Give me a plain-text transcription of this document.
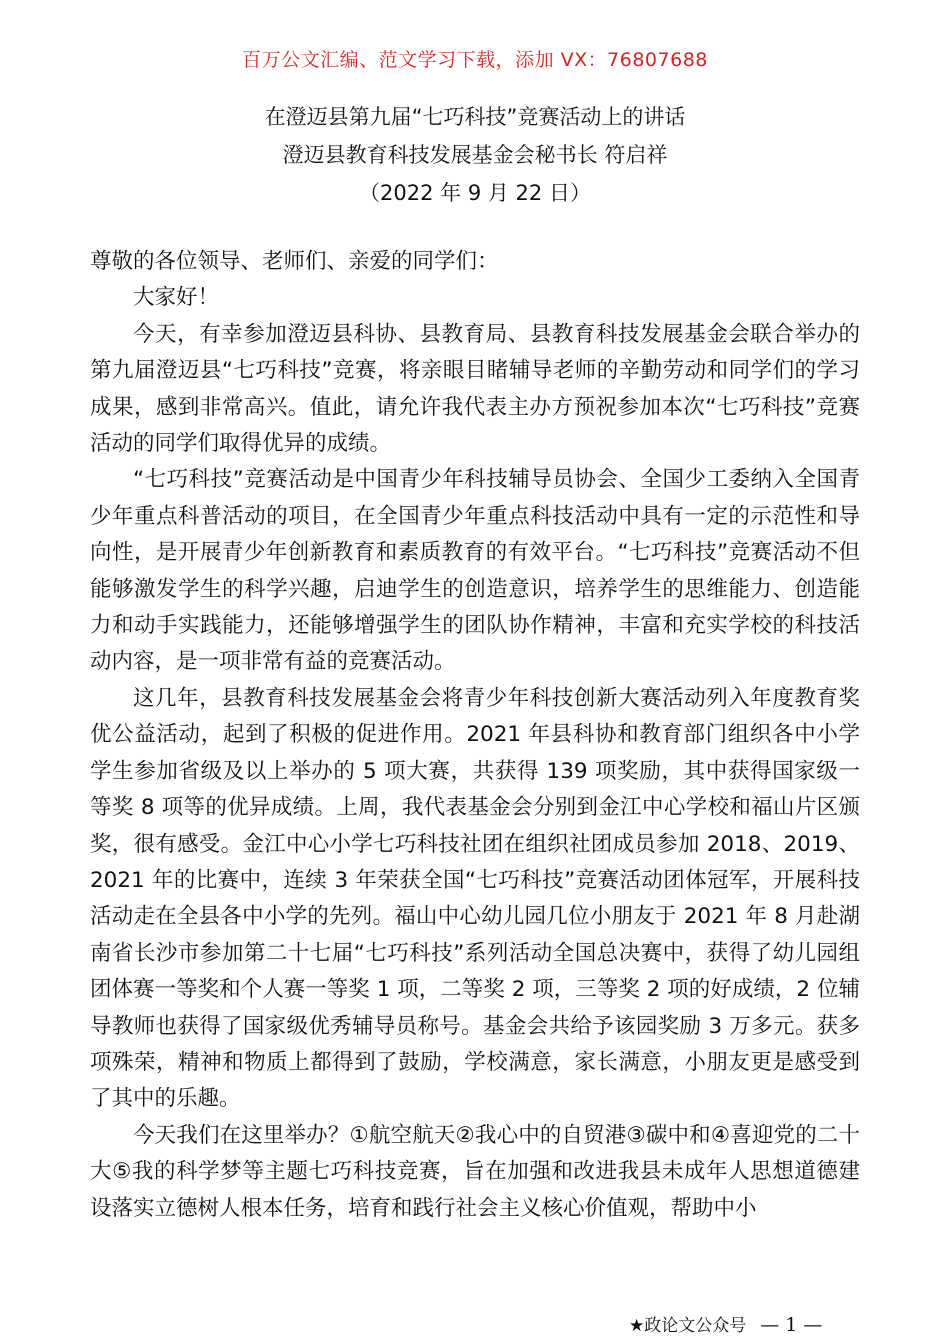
百万公文汇编、范文学习下载，添加 VX：76807688
在澄迈县第九届“七巧科技”竞赛活动上的讲话
澄迈县教育科技发展基金会秘书长 符启祥
（2022 年 9 月 22 日）

尊敬的各位领导、老师们、亲爱的同学们：

大家好！

今天，有幸参加澄迈县科协、县教育局、县教育科技发展基金会联合举办的第九届澄迈县“七巧科技”竞赛，将亲眼目睹辅导老师的辛勤劳动和同学们的学习成果，感到非常高兴。值此，请允许我代表主办方预祝参加本次“七巧科技”竞赛活动的同学们取得优异的成绩。

“七巧科技”竞赛活动是中国青少年科技辅导员协会、全国少工委纳入全国青少年重点科普活动的项目，在全国青少年重点科技活动中具有一定的示范性和导向性，是开展青少年创新教育和素质教育的有效平台。“七巧科技”竞赛活动不但能够激发学生的科学兴趣，启迪学生的创造意识，培养学生的思维能力、创造能力和动手实践能力，还能够增强学生的团队协作精神，丰富和充实学校的科技活动内容，是一项非常有益的竞赛活动。

这几年，县教育科技发展基金会将青少年科技创新大赛活动列入年度教育奖优公益活动，起到了积极的促进作用。2021 年县科协和教育部门组织各中小学学生参加省级及以上举办的 5 项大赛，共获得 139 项奖励，其中获得国家级一等奖 8 项等的优异成绩。上周，我代表基金会分别到金江中心学校和福山片区颁奖，很有感受。金江中心小学七巧科技社团在组织社团成员参加 2018、2019、2021 年的比赛中，连续 3 年荣获全国“七巧科技”竞赛活动团体冠军，开展科技活动走在全县各中小学的先列。福山中心幼儿园几位小朋友于 2021 年 8 月赴湖南省长沙市参加第二十七届“七巧科技”系列活动全国总决赛中，获得了幼儿园组团体赛一等奖和个人赛一等奖 1 项，二等奖 2 项，三等奖 2 项的好成绩，2 位辅导教师也获得了国家级优秀辅导员称号。基金会共给予该园奖励 3 万多元。获多项殊荣，精神和物质上都得到了鼓励，学校满意，家长满意，小朋友更是感受到了其中的乐趣。

今天我们在这里举办？①航空航天②我心中的自贸港③碳中和④喜迎党的二十大⑤我的科学梦等主题七巧科技竞赛，旨在加强和改进我县未成年人思想道德建设落实立德树人根本任务，培育和践行社会主义核心价值观，帮助中小

★政论文公众号 — 1 —
